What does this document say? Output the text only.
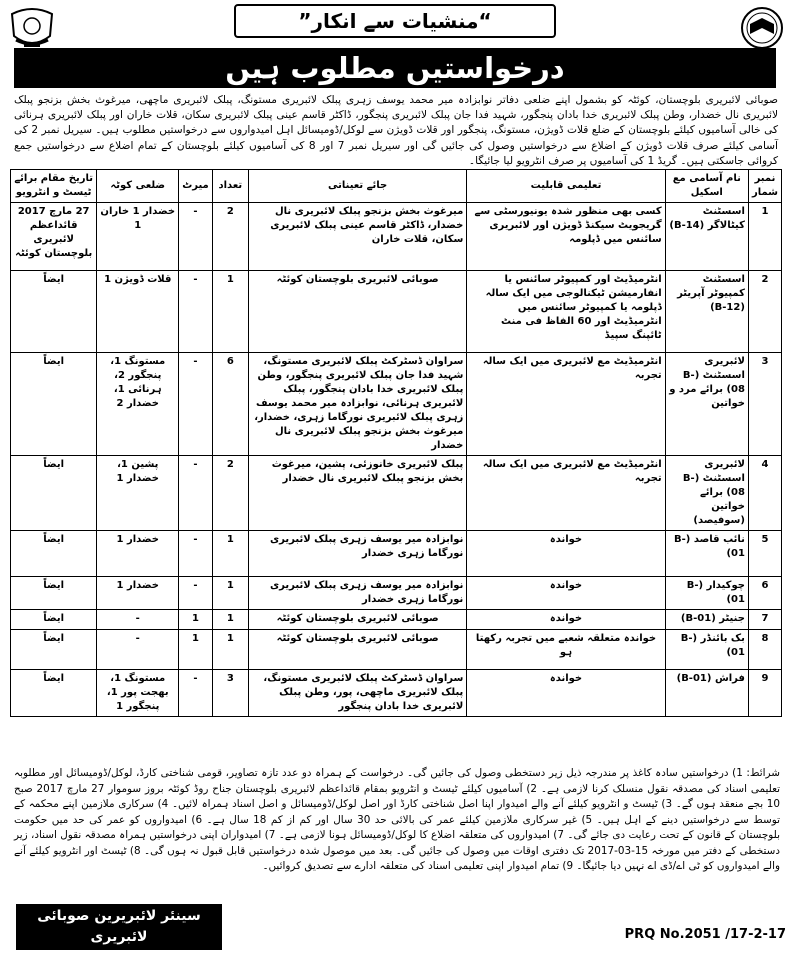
“منشیات سے انکار”
درخواستیں مطلوب ہیں
صوبائی لائبریری بلوچستان، کوئٹہ کو بشمول اپنے ضلعی دفاتر نوابزادہ میر محمد یوسف زہری پبلک لائبریری مستونگ، پبلک لائبریری ماچھی، میرغوث بخش بزنجو پبلک لائبریری نال خضدار، وطن پبلک لائبریری خدا بادان پنجگور، شہید فدا جان پبلک لائبریری پنجگور، ڈاکٹر قاسم عینی پبلک لائبریری سکان، قلات خاران اور پبلک لائبریری ہرنائی کی خالی آسامیوں کیلئے بلوچستان کے ضلع قلات ڈویژن، مستونگ، پنجگور اور قلات ڈویژن سے لوکل/ڈومیسائل اہل امیدواروں سے درخواستیں مطلوب ہیں۔ سیریل نمبر 2 کی آسامی کیلئے صرف قلات ڈویژن کے اضلاع سے درخواستیں وصول کی جائیں گی اور سیریل نمبر 7 اور 8 کی آسامیوں کیلئے بلوچستان کے تمام اضلاع سے درخواستیں جمع کروائی جاسکتی ہیں۔ گریڈ 1 کی آسامیوں پر صرف انٹرویو لیا جائیگا۔
نمبر شمار	نام آسامی مع اسکیل	تعلیمی قابلیت	جائے تعیناتی	تعداد	میرٹ	ضلعی کوٹہ	تاریخ مقام برائے ٹیسٹ و انٹرویو
1	اسسٹنٹ کیٹالاگر (B-14)	کسی بھی منظور شدہ یونیورسٹی سے گریجویٹ سیکنڈ ڈویژن اور لائبریری سائنس میں ڈپلومہ	میرغوث بخش بزنجو پبلک لائبریری نال خضدار، ڈاکٹر قاسم عینی پبلک لائبریری سکان، قلات خاران	2	-	خضدار 1 خاران 1	27 مارچ 2017 قائداعظم لائبریری بلوچستان کوئٹہ
2	اسسٹنٹ کمپیوٹر آپریٹر (B-12)	انٹرمیڈیٹ اور کمپیوٹر سائنس یا انفارمیشن ٹیکنالوجی میں ایک سالہ ڈپلومہ یا کمپیوٹر سائنس میں انٹرمیڈیٹ اور 60 الفاظ فی منٹ ٹائپنگ سپیڈ	صوبائی لائبریری بلوچستان کوئٹہ	1	-	قلات ڈویژن 1	ایضاً
3	لائبریری اسسٹنٹ (B-08) برائے مرد و خواتین	انٹرمیڈیٹ مع لائبریری میں ایک سالہ تجربہ	سراوان ڈسٹرکٹ پبلک لائبریری مستونگ، شہید فدا جان پبلک لائبریری پنجگور، وطن پبلک لائبریری خدا بادان پنجگور، پبلک لائبریری ہرنائی، نوابزادہ میر محمد یوسف زہری پبلک لائبریری نورگاما زہری، خضدار، میرغوث بخش بزنجو پبلک لائبریری نال خضدار	6	-	مستونگ 1، پنجگور 2، ہرنائی 1، خضدار 2	ایضاً
4	لائبریری اسسٹنٹ (B-08) برائے خواتین (سوفیصد)	انٹرمیڈیٹ مع لائبریری میں ایک سالہ تجربہ	پبلک لائبریری خانوزئی، پشین، میرغوث بخش بزنجو پبلک لائبریری نال خضدار	2	-	پشین 1، خضدار 1	ایضاً
5	نائب قاصد (B-01)	خواندہ	نوابزادہ میر یوسف زہری پبلک لائبریری نورگاما زہری خضدار	1	-	خضدار 1	ایضاً
6	چوکیدار (B-01)	خواندہ	نوابزادہ میر یوسف زہری پبلک لائبریری نورگاما زہری خضدار	1	-	خضدار 1	ایضاً
7	جنیٹر (B-01)	خواندہ	صوبائی لائبریری بلوچستان کوئٹہ	1	1	-	ایضاً
8	بک بائنڈر (B-01)	خواندہ متعلقہ شعبے میں تجربہ رکھتا ہو	صوبائی لائبریری بلوچستان کوئٹہ	1	1	-	ایضاً
9	فراش (B-01)	خواندہ	سراوان ڈسٹرکٹ پبلک لائبریری مستونگ، پبلک لائبریری ماچھی، پور، وطن پبلک لائبریری خدا بادان پنجگور	3	-	مستونگ 1، بھجت پور 1، پنجگور 1	ایضاً
شرائط: 1) درخواستیں سادہ کاغذ پر مندرجہ ذیل زیر دستخطی وصول کی جائیں گی۔ درخواست کے ہمراہ دو عدد تازہ تصاویر، قومی شناختی کارڈ، لوکل/ڈومیسائل اور مطلوبہ تعلیمی اسناد کی مصدقہ نقول منسلک کرنا لازمی ہے۔ 2) آسامیوں کیلئے ٹیسٹ و انٹرویو بمقام قائداعظم لائبریری بلوچستان جناح روڈ کوئٹہ بروز سوموار 27 مارچ 2017 صبح 10 بجے منعقد ہوں گے۔ 3) ٹیسٹ و انٹرویو کیلئے آنے والے امیدوار اپنا اصل شناختی کارڈ اور اصل لوکل/ڈومیسائل و اصل اسناد ہمراہ لائیں۔ 4) سرکاری ملازمین اپنے محکمہ کے توسط سے درخواستیں دینے کے اہل ہیں۔ 5) غیر سرکاری ملازمین کیلئے عمر کی بالائی حد 30 سال اور کم از کم 18 سال ہے۔ 6) امیدواروں کو عمر کی حد میں حکومت بلوچستان کے قانون کے تحت رعایت دی جائے گی۔ 7) امیدواروں کی متعلقہ اضلاع کا لوکل/ڈومیسائل ہونا لازمی ہے۔ 7) امیدواران اپنی درخواستیں ہمراہ مصدقہ نقول اسناد، زیر دستخطی کے دفتر میں مورخہ 15-03-2017 تک دفتری اوقات میں وصول کی جائیں گی۔ بعد میں موصول شدہ درخواستیں قابل قبول نہ ہوں گی۔ 8) ٹیسٹ اور انٹرویو کیلئے آنے والے امیدواروں کو ٹی اے/ڈی اے نہیں دیا جائیگا۔ 9) تمام امیدوار اپنی تعلیمی اسناد کی متعلقہ ادارے سے تصدیق کروائیں۔
سینئر لائبریرین صوبائی لائبریری
بلوچستان کوئٹہ
PRQ No.2051 /17-2-17
